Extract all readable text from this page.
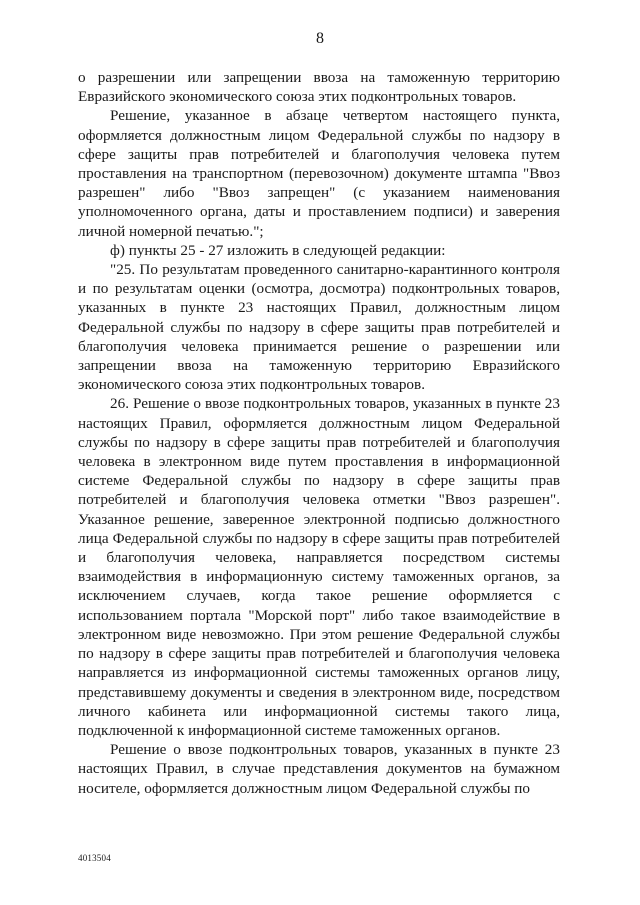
8

о разрешении или запрещении ввоза на таможенную территорию Евразийского экономического союза этих подконтрольных товаров.

Решение, указанное в абзаце четвертом настоящего пункта, оформляется должностным лицом Федеральной службы по надзору в сфере защиты прав потребителей и благополучия человека путем проставления на транспортном (перевозочном) документе штампа "Ввоз разрешен" либо "Ввоз запрещен" (с указанием наименования уполномоченного органа, даты и проставлением подписи) и заверения личной номерной печатью.";

ф) пункты 25 - 27 изложить в следующей редакции:

"25. По результатам проведенного санитарно-карантинного контроля и по результатам оценки (осмотра, досмотра) подконтрольных товаров, указанных в пункте 23 настоящих Правил, должностным лицом Федеральной службы по надзору в сфере защиты прав потребителей и благополучия человека принимается решение о разрешении или запрещении ввоза на таможенную территорию Евразийского экономического союза этих подконтрольных товаров.

26. Решение о ввозе подконтрольных товаров, указанных в пункте 23 настоящих Правил, оформляется должностным лицом Федеральной службы по надзору в сфере защиты прав потребителей и благополучия человека в электронном виде путем проставления в информационной системе Федеральной службы по надзору в сфере защиты прав потребителей и благополучия человека отметки "Ввоз разрешен". Указанное решение, заверенное электронной подписью должностного лица Федеральной службы по надзору в сфере защиты прав потребителей и благополучия человека, направляется посредством системы взаимодействия в информационную систему таможенных органов, за исключением случаев, когда такое решение оформляется с использованием портала "Морской порт" либо такое взаимодействие в электронном виде невозможно. При этом решение Федеральной службы по надзору в сфере защиты прав потребителей и благополучия человека направляется из информационной системы таможенных органов лицу, представившему документы и сведения в электронном виде, посредством личного кабинета или информационной системы такого лица, подключенной к информационной системе таможенных органов.

Решение о ввозе подконтрольных товаров, указанных в пункте 23 настоящих Правил, в случае представления документов на бумажном носителе, оформляется должностным лицом Федеральной службы по

4013504
